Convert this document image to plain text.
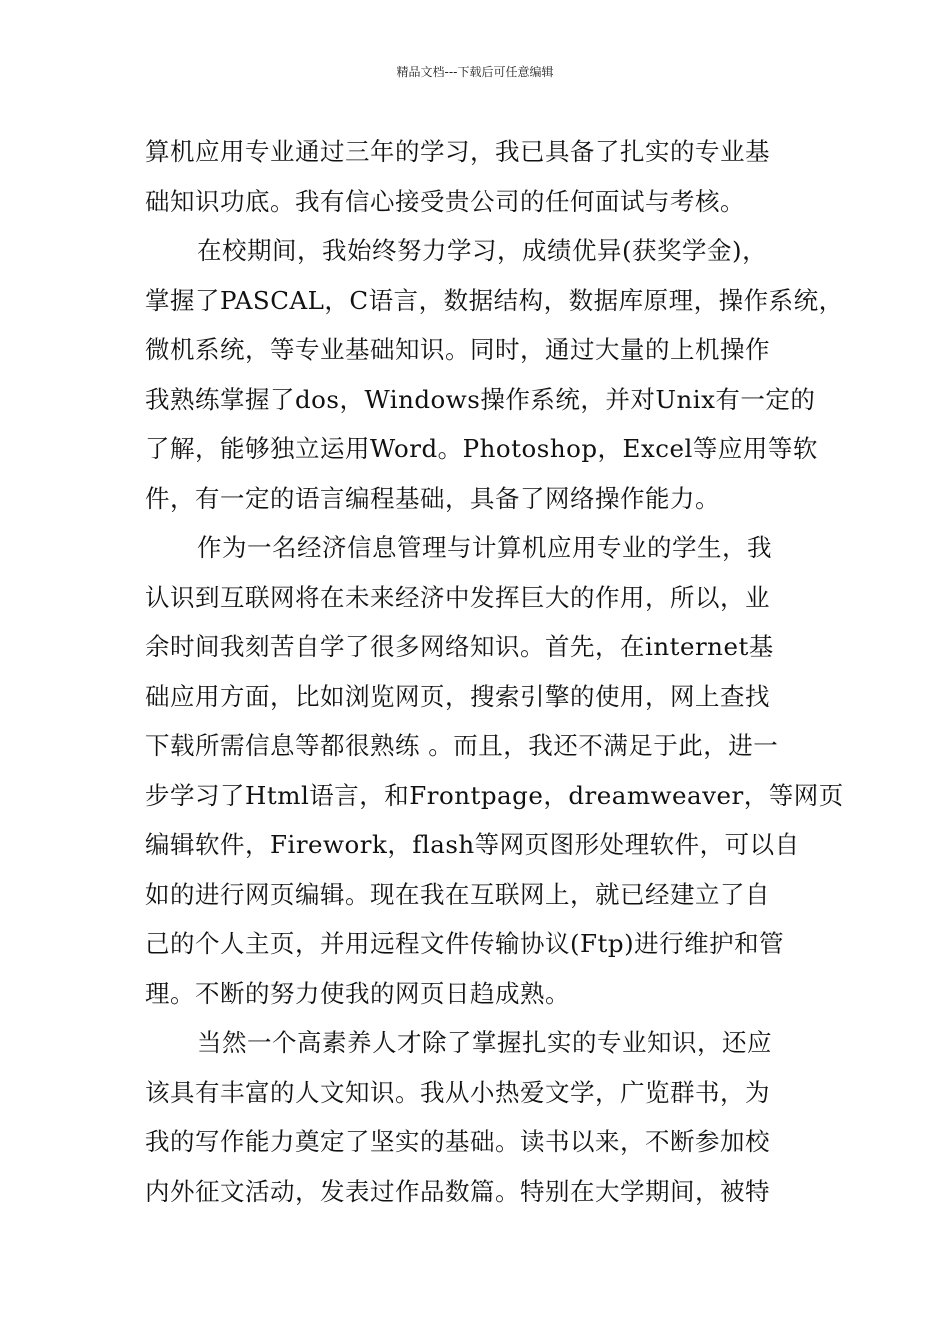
精品文档---下载后可任意编辑
算机应用专业通过三年的学习，我已具备了扎实的专业基
础知识功底。我有信心接受贵公司的任何面试与考核。
在校期间，我始终努力学习，成绩优异(获奖学金)，
掌握了PASCAL，C语言，数据结构，数据库原理，操作系统，
微机系统，等专业基础知识。同时，通过大量的上机操作
我熟练掌握了dos，Windows操作系统，并对Unix有一定的
了解，能够独立运用Word。Photoshop，Excel等应用等软
件，有一定的语言编程基础，具备了网络操作能力。
作为一名经济信息管理与计算机应用专业的学生，我
认识到互联网将在未来经济中发挥巨大的作用，所以，业
余时间我刻苦自学了很多网络知识。首先，在internet基
础应用方面，比如浏览网页，搜索引擎的使用，网上查找
下载所需信息等都很熟练 。而且，我还不满足于此，进一
步学习了Html语言，和Frontpage，dreamweaver，等网页
编辑软件，Firework，flash等网页图形处理软件，可以自
如的进行网页编辑。现在我在互联网上，就已经建立了自
己的个人主页，并用远程文件传输协议(Ftp)进行维护和管
理。不断的努力使我的网页日趋成熟。
当然一个高素养人才除了掌握扎实的专业知识，还应
该具有丰富的人文知识。我从小热爱文学，广览群书，为
我的写作能力奠定了坚实的基础。读书以来，不断参加校
内外征文活动，发表过作品数篇。特别在大学期间，被特
